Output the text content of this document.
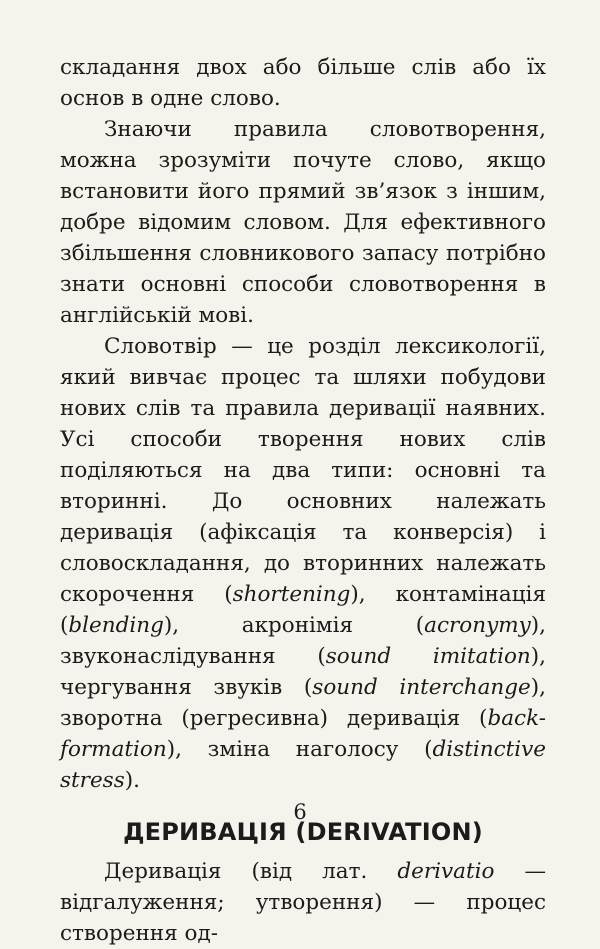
складання двох або більше слів або їх основ в одне слово.

Знаючи правила словотворення, можна зрозуміти почуте слово, якщо встановити його прямий зв’язок з іншим, добре відомим словом. Для ефективного збільшення словникового запасу потрібно знати основні способи словотворення в англійській мові.

Словотвір — це розділ лексикології, який вивчає процес та шляхи побудови нових слів та правила деривації наявних. Усі способи творення нових слів поділяються на два типи: основні та вторинні. До основних належать деривація (афіксація та конверсія) і словоскладання, до вторинних належать скорочення (shortening), контамінація (blending), акронімія (acronymy), звуконаслідування (sound imitation), чергування звуків (sound interchange), зворотна (регресивна) деривація (back-formation), зміна наголосу (distinctive stress).

ДЕРИВАЦІЯ (DERIVATION)

Деривація (від лат. derivatio — відгалуження; утворення) — процес створення од-

6
